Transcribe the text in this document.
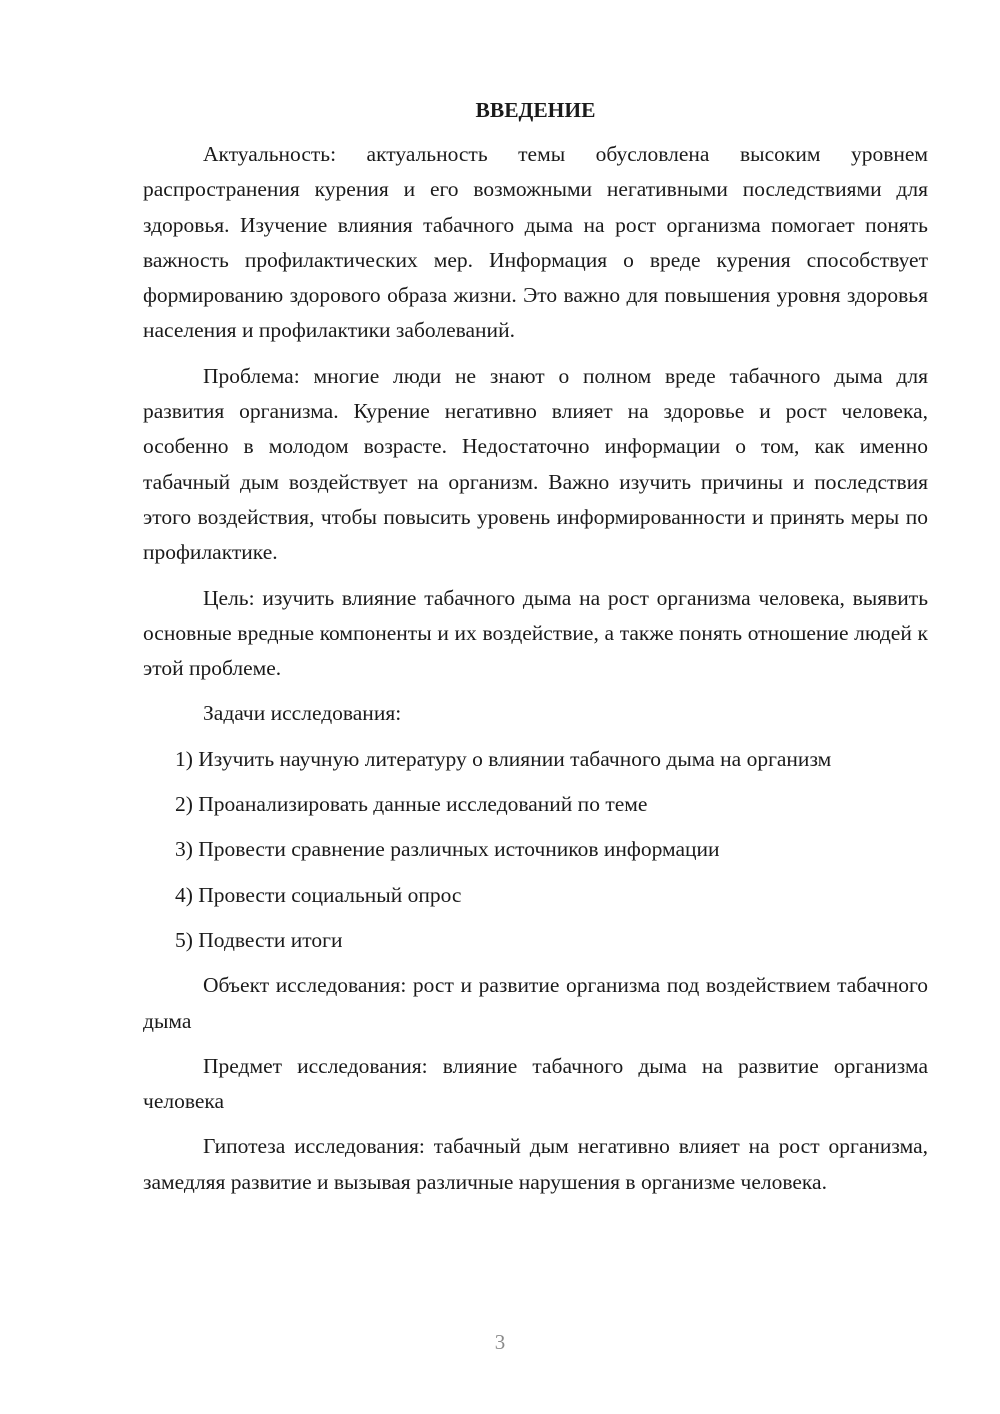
ВВЕДЕНИЕ

Актуальность: актуальность темы обусловлена высоким уровнем распространения курения и его возможными негативными последствиями для здоровья. Изучение влияния табачного дыма на рост организма помогает понять важность профилактических мер. Информация о вреде курения способствует формированию здорового образа жизни. Это важно для повышения уровня здоровья населения и профилактики заболеваний.

Проблема: многие люди не знают о полном вреде табачного дыма для развития организма. Курение негативно влияет на здоровье и рост человека, особенно в молодом возрасте. Недостаточно информации о том, как именно табачный дым воздействует на организм. Важно изучить причины и последствия этого воздействия, чтобы повысить уровень информированности и принять меры по профилактике.

Цель: изучить влияние табачного дыма на рост организма человека, выявить основные вредные компоненты и их воздействие, а также понять отношение людей к этой проблеме.

Задачи исследования:

1) Изучить научную литературу о влиянии табачного дыма на организм

2) Проанализировать данные исследований по теме

3) Провести сравнение различных источников информации

4) Провести социальный опрос

5) Подвести итоги

Объект исследования: рост и развитие организма под воздействием табачного дыма

Предмет исследования: влияние табачного дыма на развитие организма человека

Гипотеза исследования: табачный дым негативно влияет на рост организма, замедляя развитие и вызывая различные нарушения в организме человека.

3
